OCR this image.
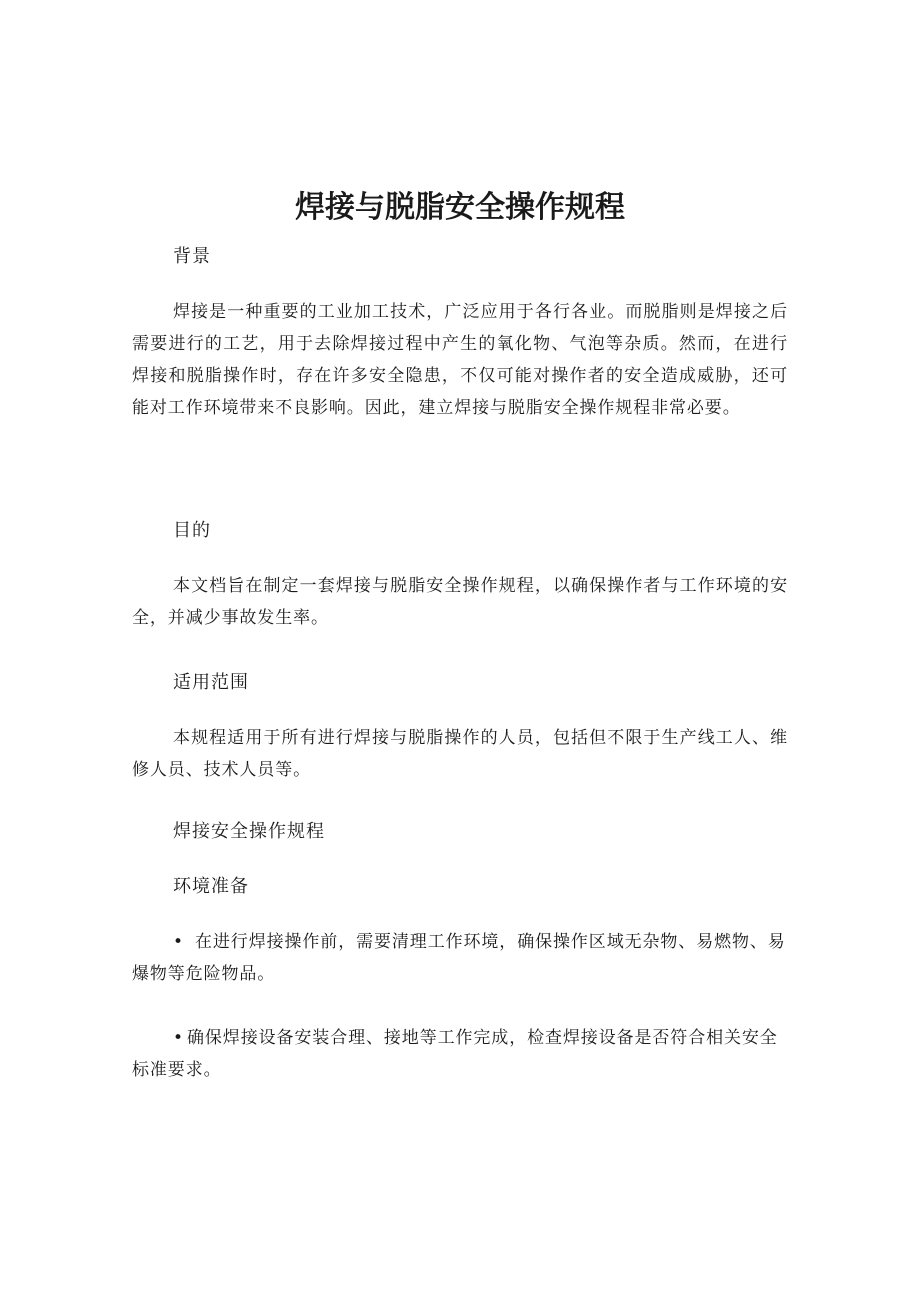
焊接与脱脂安全操作规程
背景

焊接是一种重要的工业加工技术，广泛应用于各行各业。而脱脂则是焊接之后需要进行的工艺，用于去除焊接过程中产生的氧化物、气泡等杂质。然而，在进行焊接和脱脂操作时，存在许多安全隐患，不仅可能对操作者的安全造成威胁，还可能对工作环境带来不良影响。因此，建立焊接与脱脂安全操作规程非常必要。

目的

本文档旨在制定一套焊接与脱脂安全操作规程，以确保操作者与工作环境的安全，并减少事故发生率。

适用范围

本规程适用于所有进行焊接与脱脂操作的人员，包括但不限于生产线工人、维修人员、技术人员等。

焊接安全操作规程
环境准备

• 在进行焊接操作前，需要清理工作环境，确保操作区域无杂物、易燃物、易爆物等危险物品。

• 确保焊接设备安装合理、接地等工作完成，检查焊接设备是否符合相关安全标准要求。
